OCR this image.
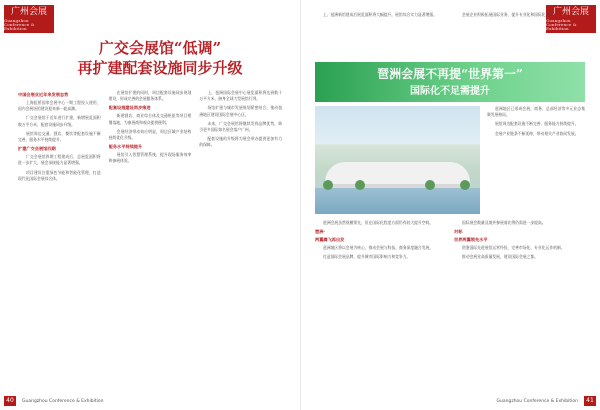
广州会展
Guangzhou Conference & Exhibition
广交会展馆“低调”
再扩建配套设施同步升级
中国会展业近年来发展态势

上海虹桥国家会展中心一期工程投入使用，国内会展场馆建设迎来新一轮高潮。

广交会展馆于近年进行扩建，新增展览面积数万平方米，配套设施同步升级。

展馆周边交通、酒店、餐饮等配套设施不断完善，服务水平持续提升。

扩建广交会展馆四期

广交会展馆四期工程建成后，总展览面积将进一步扩大，展会承接能力显著增强。

项目建设注重绿色节能和智能化管理，打造现代化国际会展综合体。

在展馆扩建的同时，周边配套设施同步规划建设，形成完善的会展服务体系。

配套设施建设同步推进

新建酒店、商业综合体及交通枢纽等项目相继落地，为参展商和观众提供便利。

会展经济带动效应明显，周边区域产业结构持续优化升级。

服务水平持续提升

展馆引入智慧管理系统，提升现场服务效率和参展体验。

上，琶洲国际会展中心展览面积将达到数十万平方米，跻身全球大型展馆行列。

场馆扩建与城市发展规划紧密结合，推动琶洲地区建设国际会展中心区。

未来，广交会展馆将继续发挥品牌优势，吸引更多国际知名展会落户广州。

配套设施的升级将为展会举办提供更加有力的保障。

40	Guangzhou Conference & Exhibition
广州会展
Guangzhou Conference & Exhibition

上、琶洲新馆建成后展览面积将大幅提升，展馆综合实力显著增强。	会展企业积极拓展国际业务，提升专业化和国际化水平。

琶洲会展不再提“世界第一”
国际化不足需提升

琶洲地区已形成会展、商务、总部经济等多元业态集聚发展格局。

展馆周边配套设施不断完善，服务能力持续提升。

会展产业链条不断延伸，带动相关产业协同发展。

琶洲会展虽然规模领先，但在国际化程度方面仍有较大提升空间。

琶洲·
两翼腾飞再出发

琶洲地区将以会展为核心，推动会展与科技、商务深度融合发展。

打造国际会展品牌，提升城市国际影响力和竞争力。

国际展会数量及境外参展商比例仍需进一步提高。

对标
世界两翼领先水平

借鉴国际先进展馆运营经验，完善市场化、专业化运作机制。

推动会展业高质量发展，建设国际会展之都。

41
Guangzhou Conference & Exhibition
